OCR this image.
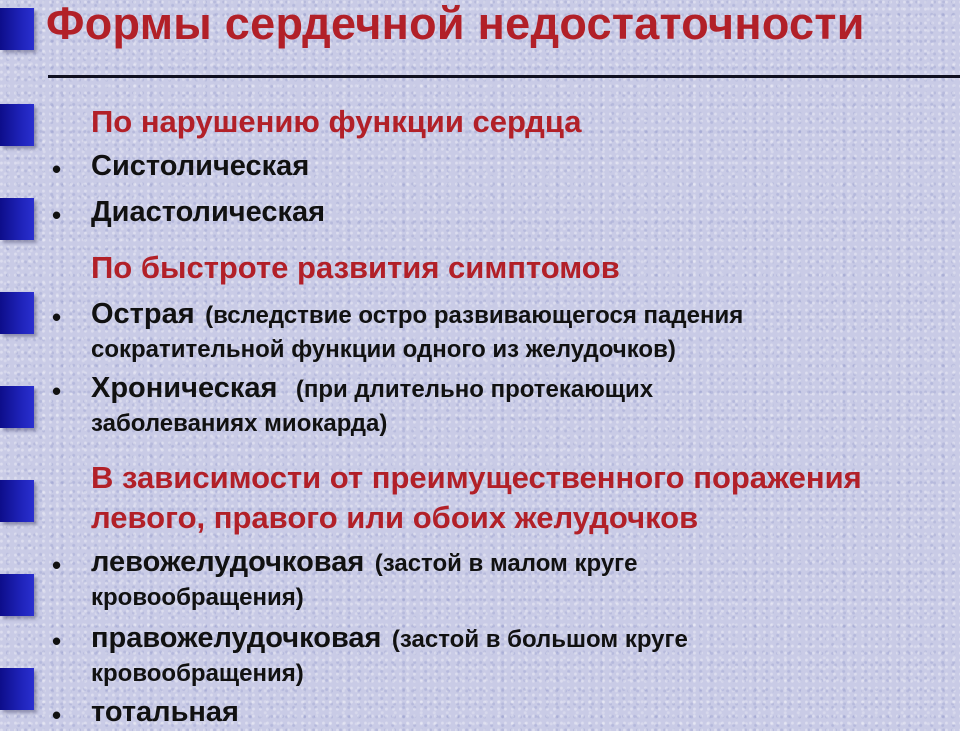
Формы сердечной недостаточности
По нарушению функции сердца
• Систолическая
• Диастолическая
По быстроте развития симптомов
• Острая (вследствие остро развивающегося падения
сократительной функции одного из желудочков)
• Хроническая (при длительно протекающих
заболеваниях миокарда)
В зависимости от преимущественного поражения
левого, правого или обоих желудочков
• левожелудочковая (застой в малом круге
кровообращения)
• правожелудочковая (застой в большом круге
кровообращения)
• тотальная
